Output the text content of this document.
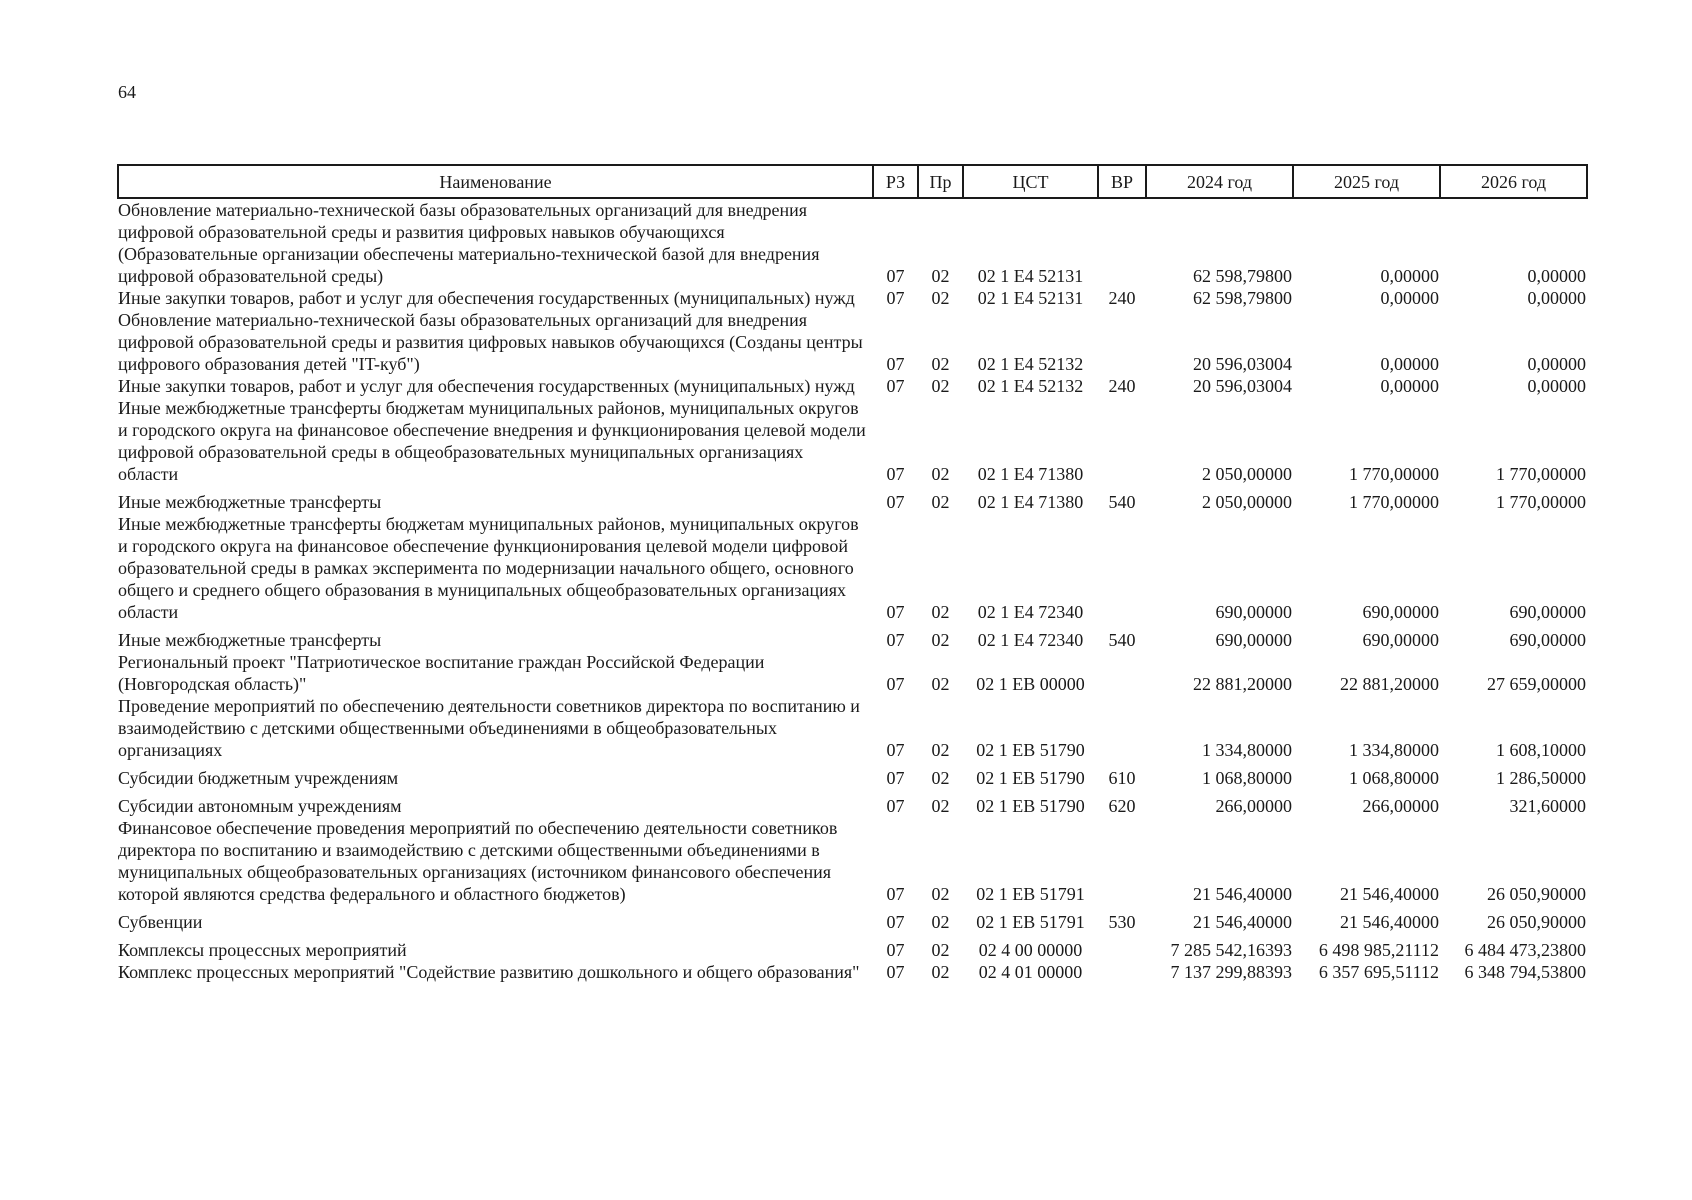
64
Наименование	РЗ	Пр	ЦСТ	ВР	2024 год	2025 год	2026 год
Обновление материально-технической базы образовательных организаций для внедрения цифровой образовательной среды и развития цифровых навыков обучающихся (Образовательные организации обеспечены материально-технической базой для внедрения цифровой образовательной среды)	07	02	02 1 Е4 52131		62 598,79800	0,00000	0,00000
Иные закупки товаров, работ и услуг для обеспечения государственных (муниципальных) нужд	07	02	02 1 Е4 52131	240	62 598,79800	0,00000	0,00000
Обновление материально-технической базы образовательных организаций для внедрения цифровой образовательной среды и развития цифровых навыков обучающихся (Созданы центры цифрового образования детей "IT-куб")	07	02	02 1 Е4 52132		20 596,03004	0,00000	0,00000
Иные закупки товаров, работ и услуг для обеспечения государственных (муниципальных) нужд	07	02	02 1 Е4 52132	240	20 596,03004	0,00000	0,00000
Иные межбюджетные трансферты бюджетам муниципальных районов, муниципальных округов и городского округа на финансовое обеспечение внедрения и функционирования целевой модели цифровой образовательной среды в общеобразовательных муниципальных организациях области	07	02	02 1 Е4 71380		2 050,00000	1 770,00000	1 770,00000
Иные межбюджетные трансферты	07	02	02 1 Е4 71380	540	2 050,00000	1 770,00000	1 770,00000
Иные межбюджетные трансферты бюджетам муниципальных районов, муниципальных округов и городского округа на финансовое обеспечение функционирования целевой модели цифровой образовательной среды в рамках эксперимента по модернизации начального общего, основного общего и среднего общего образования в муниципальных общеобразовательных организациях области	07	02	02 1 Е4 72340		690,00000	690,00000	690,00000
Иные межбюджетные трансферты	07	02	02 1 Е4 72340	540	690,00000	690,00000	690,00000
Региональный проект "Патриотическое воспитание граждан Российской Федерации (Новгородская область)"	07	02	02 1 ЕВ 00000		22 881,20000	22 881,20000	27 659,00000
Проведение мероприятий по обеспечению деятельности советников директора по воспитанию и взаимодействию с детскими общественными объединениями в общеобразовательных организациях	07	02	02 1 ЕВ 51790		1 334,80000	1 334,80000	1 608,10000
Субсидии бюджетным учреждениям	07	02	02 1 ЕВ 51790	610	1 068,80000	1 068,80000	1 286,50000
Субсидии автономным учреждениям	07	02	02 1 ЕВ 51790	620	266,00000	266,00000	321,60000
Финансовое обеспечение проведения мероприятий по обеспечению деятельности советников директора по воспитанию и взаимодействию с детскими общественными объединениями в муниципальных общеобразовательных организациях (источником финансового обеспечения которой являются средства федерального и областного бюджетов)	07	02	02 1 ЕВ 51791		21 546,40000	21 546,40000	26 050,90000
Субвенции	07	02	02 1 ЕВ 51791	530	21 546,40000	21 546,40000	26 050,90000
Комплексы процессных мероприятий	07	02	02 4 00 00000		7 285 542,16393	6 498 985,21112	6 484 473,23800
Комплекс процессных мероприятий "Содействие развитию дошкольного и общего образования"	07	02	02 4 01 00000		7 137 299,88393	6 357 695,51112	6 348 794,53800
